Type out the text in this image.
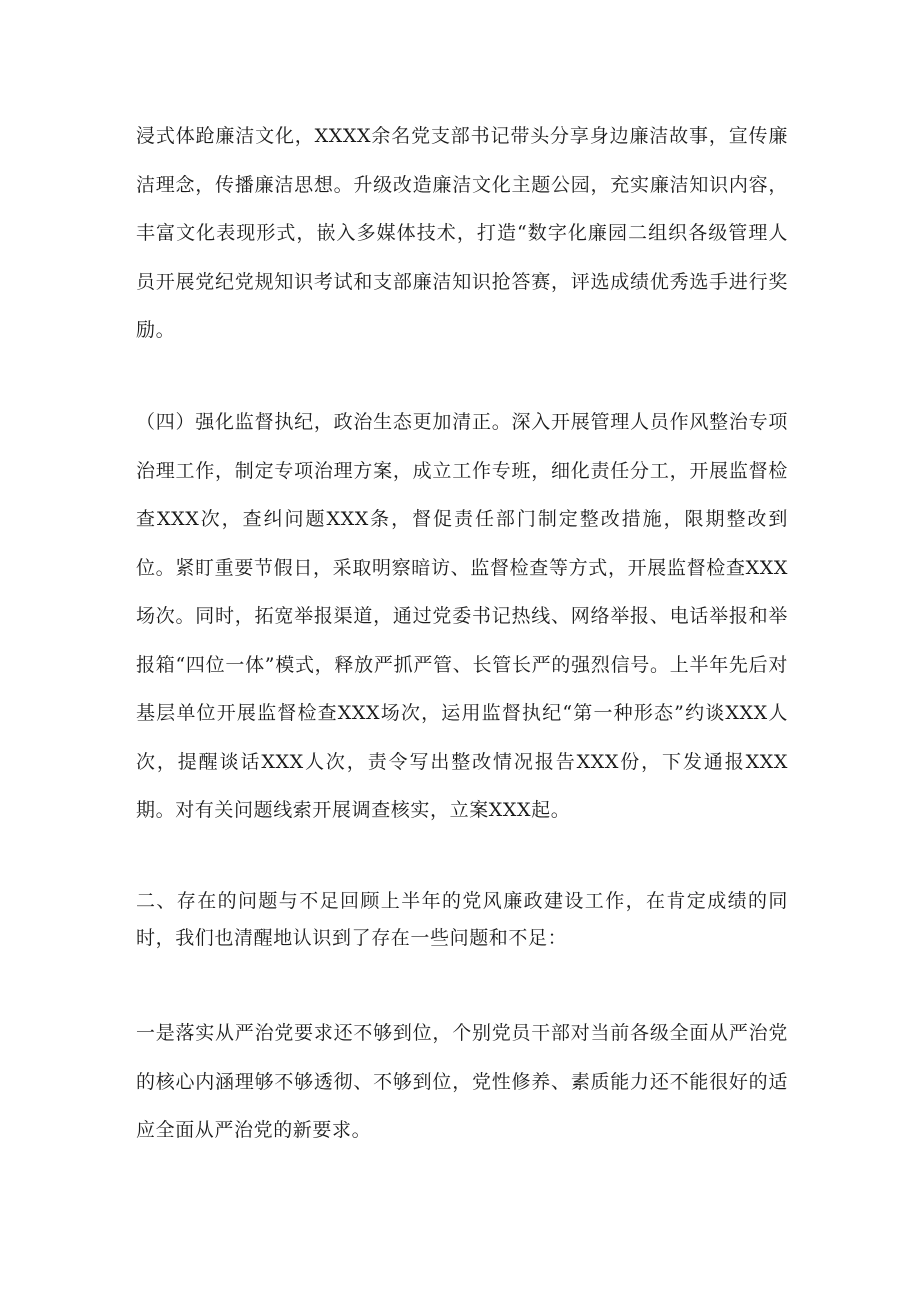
浸式体跄廉洁文化，XXXX余名党支部书记带头分享身边廉洁故事，宣传廉洁理念，传播廉洁思想。升级改造廉洁文化主题公园，充实廉洁知识内容，丰富文化表现形式，嵌入多媒体技术，打造“数字化廉园二组织各级管理人员开展党纪党规知识考试和支部廉洁知识抢答赛，评选成绩优秀选手进行奖励。

（四）强化监督执纪，政治生态更加清正。深入开展管理人员作风整治专项治理工作，制定专项治理方案，成立工作专班，细化责任分工，开展监督检查XXX次，查纠问题XXX条，督促责任部门制定整改措施，限期整改到位。紧盯重要节假日，采取明察暗访、监督检查等方式，开展监督检查XXX场次。同时，拓宽举报渠道，通过党委书记热线、网络举报、电话举报和举报箱“四位一体”模式，释放严抓严管、长管长严的强烈信号。上半年先后对基层单位开展监督检查XXX场次，运用监督执纪“第一种形态”约谈XXX人次，提醒谈话XXX人次，责令写出整改情况报告XXX份，下发通报XXX期。对有关问题线索开展调查核实，立案XXX起。

二、存在的问题与不足回顾上半年的党风廉政建设工作，在肯定成绩的同时，我们也清醒地认识到了存在一些问题和不足：

一是落实从严治党要求还不够到位，个别党员干部对当前各级全面从严治党的核心内涵理够不够透彻、不够到位，党性修养、素质能力还不能很好的适应全面从严治党的新要求。
